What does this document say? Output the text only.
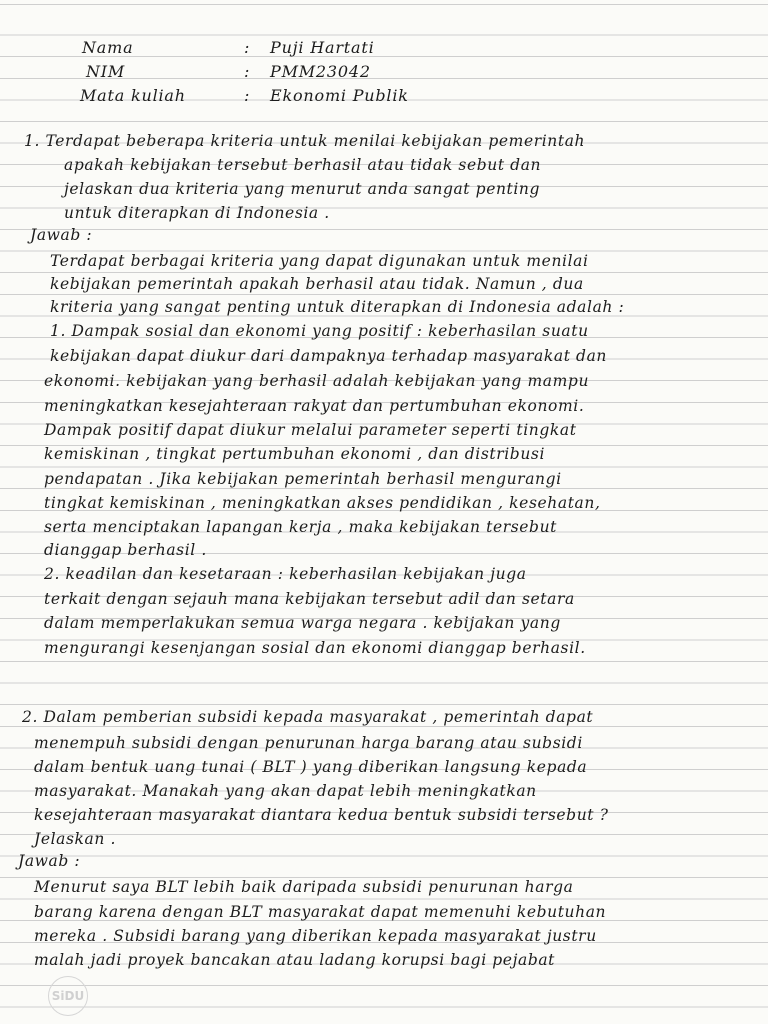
Nama	: Puji Hartati
NIM	: PMM23042
Mata kuliah	: Ekonomi Publik
1. Terdapat beberapa kriteria untuk menilai kebijakan pemerintah
apakah kebijakan tersebut berhasil atau tidak sebut dan
jelaskan dua kriteria yang menurut anda sangat penting
untuk diterapkan di Indonesia .
Jawab :
Terdapat berbagai kriteria yang dapat digunakan untuk menilai
kebijakan pemerintah apakah berhasil atau tidak. Namun , dua
kriteria yang sangat penting untuk diterapkan di Indonesia adalah :
1. Dampak sosial dan ekonomi yang positif : keberhasilan suatu
kebijakan dapat diukur dari dampaknya terhadap masyarakat dan
ekonomi. kebijakan yang berhasil adalah kebijakan yang mampu
meningkatkan kesejahteraan rakyat dan pertumbuhan ekonomi.
Dampak positif dapat diukur melalui parameter seperti tingkat
kemiskinan , tingkat pertumbuhan ekonomi , dan distribusi
pendapatan . Jika kebijakan pemerintah berhasil mengurangi
tingkat kemiskinan , meningkatkan akses pendidikan , kesehatan,
serta menciptakan lapangan kerja , maka kebijakan tersebut
dianggap berhasil .
2. keadilan dan kesetaraan : keberhasilan kebijakan juga
terkait dengan sejauh mana kebijakan tersebut adil dan setara
dalam memperlakukan semua warga negara . kebijakan yang
mengurangi kesenjangan sosial dan ekonomi dianggap berhasil.
2. Dalam pemberian subsidi kepada masyarakat , pemerintah dapat
menempuh subsidi dengan penurunan harga barang atau subsidi
dalam bentuk uang tunai ( BLT ) yang diberikan langsung kepada
masyarakat. Manakah yang akan dapat lebih meningkatkan
kesejahteraan masyarakat diantara kedua bentuk subsidi tersebut ?
Jelaskan .
Jawab :
Menurut saya BLT lebih baik daripada subsidi penurunan harga
barang karena dengan BLT masyarakat dapat memenuhi kebutuhan
mereka . Subsidi barang yang diberikan kepada masyarakat justru
malah jadi proyek bancakan atau ladang korupsi bagi pejabat
SiDU
